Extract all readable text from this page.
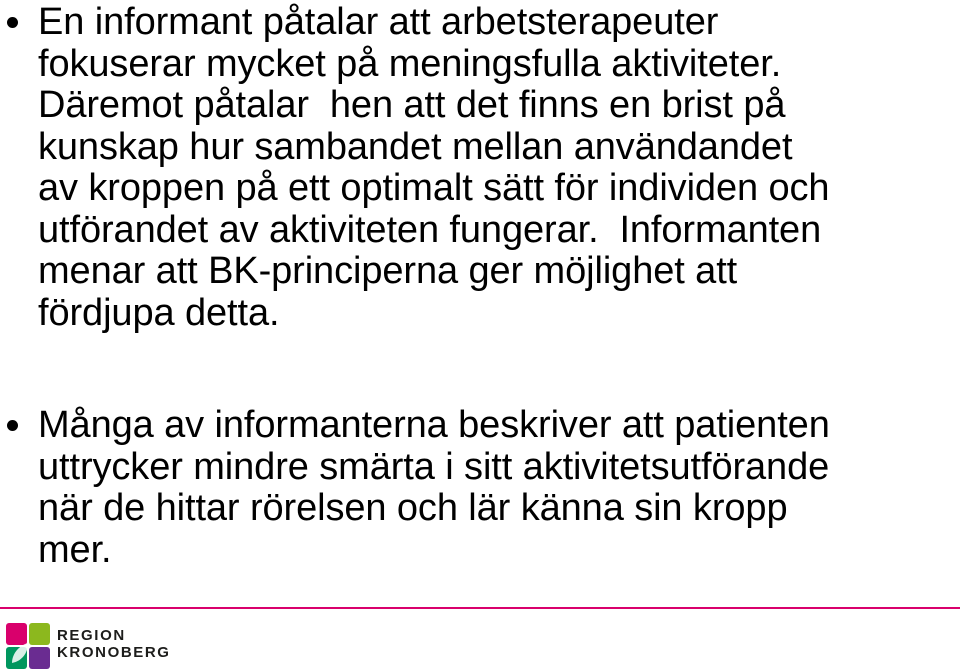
En informant påtalar att arbetsterapeuter
fokuserar mycket på meningsfulla aktiviteter.
Däremot påtalar  hen att det finns en brist på
kunskap hur sambandet mellan användandet
av kroppen på ett optimalt sätt för individen och
utförandet av aktiviteten fungerar.  Informanten
menar att BK-principerna ger möjlighet att
fördjupa detta.
Många av informanterna beskriver att patienten
uttrycker mindre smärta i sitt aktivitetsutförande
när de hittar rörelsen och lär känna sin kropp
mer.
REGION
KRONOBERG
